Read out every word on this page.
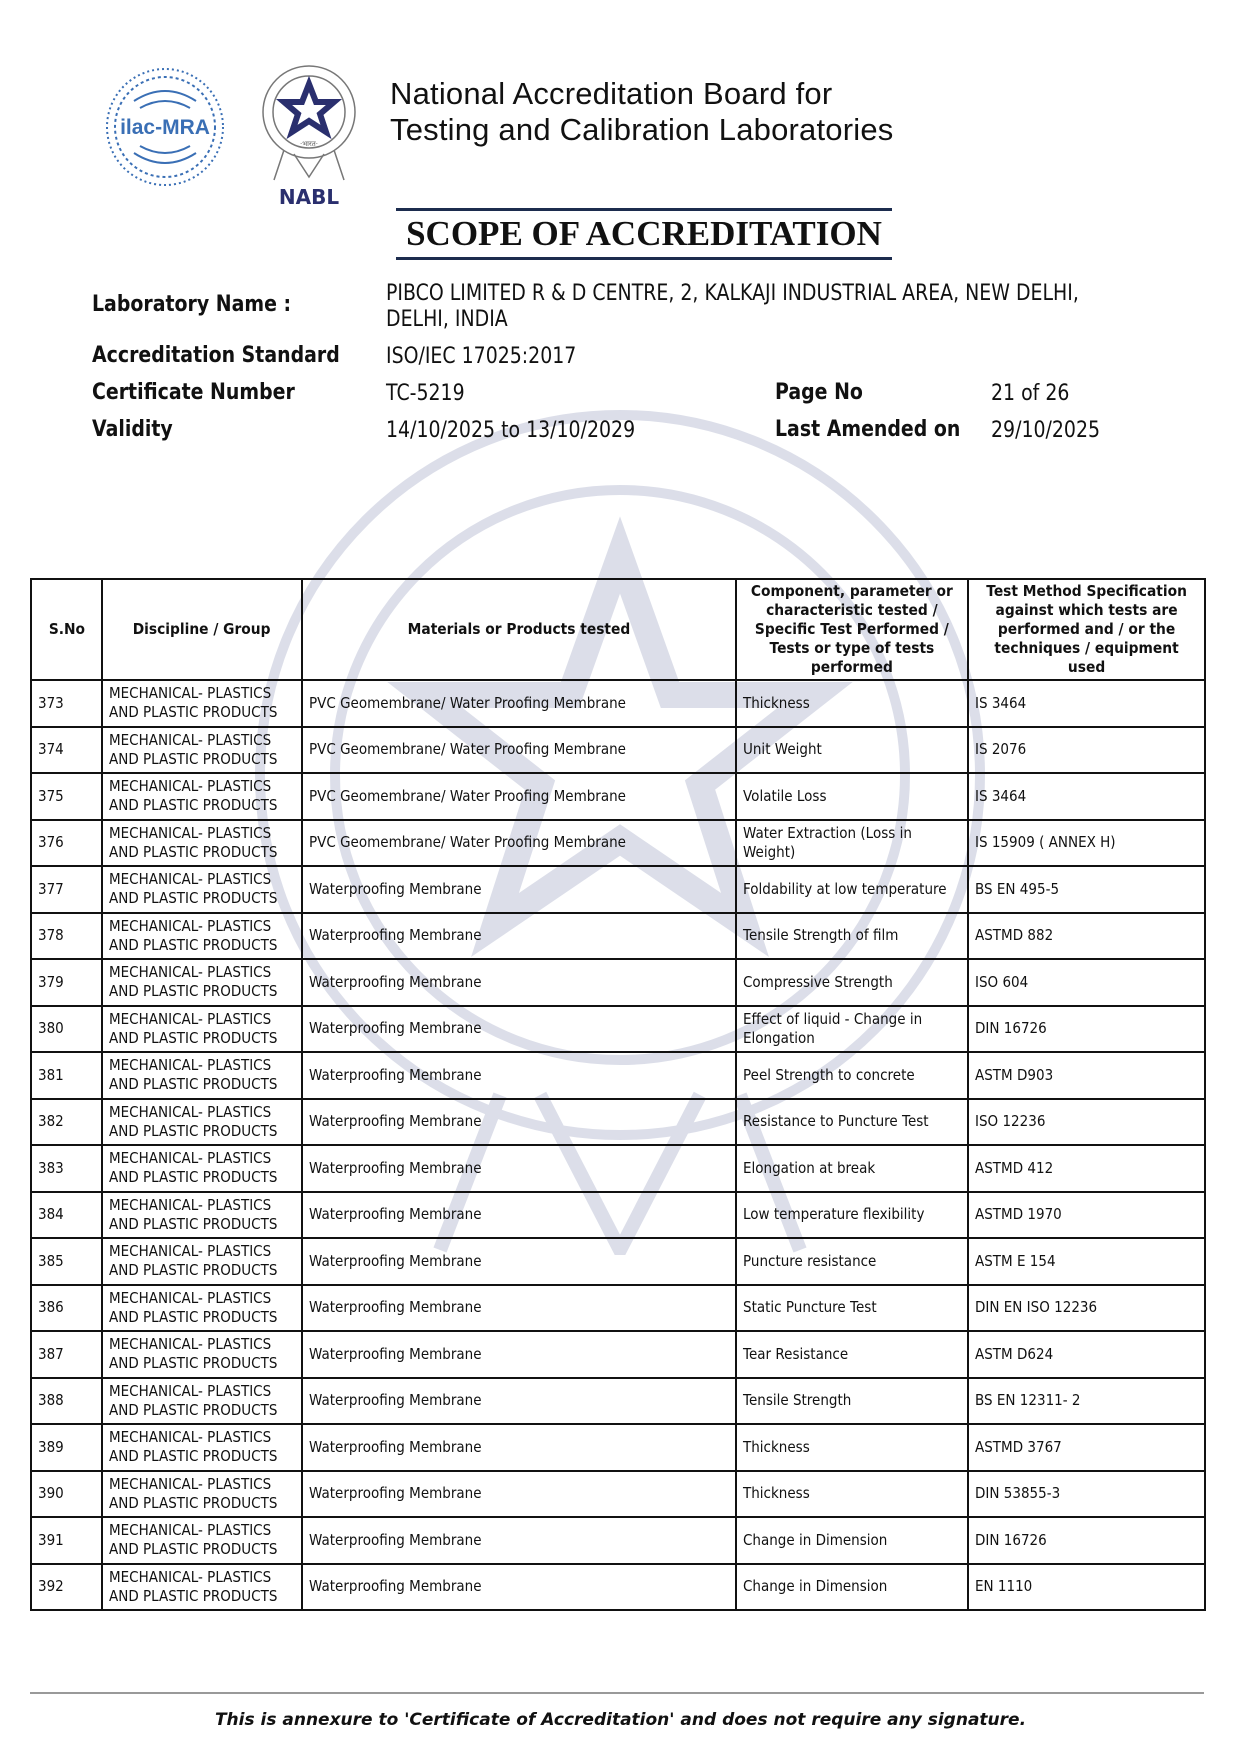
ilac-MRA
·भारत·
NABL
National Accreditation Board for
Testing and Calibration Laboratories
SCOPE OF ACCREDITATION
Laboratory Name :	PIBCO LIMITED R & D CENTRE, 2, KALKAJI INDUSTRIAL AREA, NEW DELHI,
DELHI, INDIA
Accreditation Standard ISO/IEC 17025:2017
Certificate Number	TC-5219	Page No	21 of 26
Validity	14/10/2025 to 13/10/2029	Last Amended on 29/10/2025
S.No	Discipline / Group	Materials or Products tested	Component, parameter or characteristic tested / Specific Test Performed / Tests or type of tests performed	Test Method Specification against which tests are performed and / or the techniques / equipment used

373	MECHANICAL- PLASTICS AND PLASTIC PRODUCTS	PVC Geomembrane/ Water Proofing Membrane	Thickness	IS 3464

374	MECHANICAL- PLASTICS AND PLASTIC PRODUCTS	PVC Geomembrane/ Water Proofing Membrane	Unit Weight	IS 2076

375	MECHANICAL- PLASTICS AND PLASTIC PRODUCTS	PVC Geomembrane/ Water Proofing Membrane	Volatile Loss	IS 3464

376	MECHANICAL- PLASTICS AND PLASTIC PRODUCTS	PVC Geomembrane/ Water Proofing Membrane	Water Extraction (Loss in Weight)	IS 15909 ( ANNEX H)

377	MECHANICAL- PLASTICS AND PLASTIC PRODUCTS	Waterproofing Membrane	Foldability at low temperature	BS EN 495-5

378	MECHANICAL- PLASTICS AND PLASTIC PRODUCTS	Waterproofing Membrane	Tensile Strength of film	ASTMD 882

379	MECHANICAL- PLASTICS AND PLASTIC PRODUCTS	Waterproofing Membrane	Compressive Strength	ISO 604

380	MECHANICAL- PLASTICS AND PLASTIC PRODUCTS	Waterproofing Membrane	Effect of liquid - Change in Elongation	DIN 16726

381	MECHANICAL- PLASTICS AND PLASTIC PRODUCTS	Waterproofing Membrane	Peel Strength to concrete	ASTM D903

382	MECHANICAL- PLASTICS AND PLASTIC PRODUCTS	Waterproofing Membrane	Resistance to Puncture Test	ISO 12236

383	MECHANICAL- PLASTICS AND PLASTIC PRODUCTS	Waterproofing Membrane	Elongation at break	ASTMD 412

384	MECHANICAL- PLASTICS AND PLASTIC PRODUCTS	Waterproofing Membrane	Low temperature flexibility	ASTMD 1970

385	MECHANICAL- PLASTICS AND PLASTIC PRODUCTS	Waterproofing Membrane	Puncture resistance	ASTM E 154

386	MECHANICAL- PLASTICS AND PLASTIC PRODUCTS	Waterproofing Membrane	Static Puncture Test	DIN EN ISO 12236

387	MECHANICAL- PLASTICS AND PLASTIC PRODUCTS	Waterproofing Membrane	Tear Resistance	ASTM D624

388	MECHANICAL- PLASTICS AND PLASTIC PRODUCTS	Waterproofing Membrane	Tensile Strength	BS EN 12311- 2

389	MECHANICAL- PLASTICS AND PLASTIC PRODUCTS	Waterproofing Membrane	Thickness	ASTMD 3767

390	MECHANICAL- PLASTICS AND PLASTIC PRODUCTS	Waterproofing Membrane	Thickness	DIN 53855-3

391	MECHANICAL- PLASTICS AND PLASTIC PRODUCTS	Waterproofing Membrane	Change in Dimension	DIN 16726

392	MECHANICAL- PLASTICS AND PLASTIC PRODUCTS	Waterproofing Membrane	Change in Dimension	EN 1110
This is annexure to 'Certificate of Accreditation' and does not require any signature.
